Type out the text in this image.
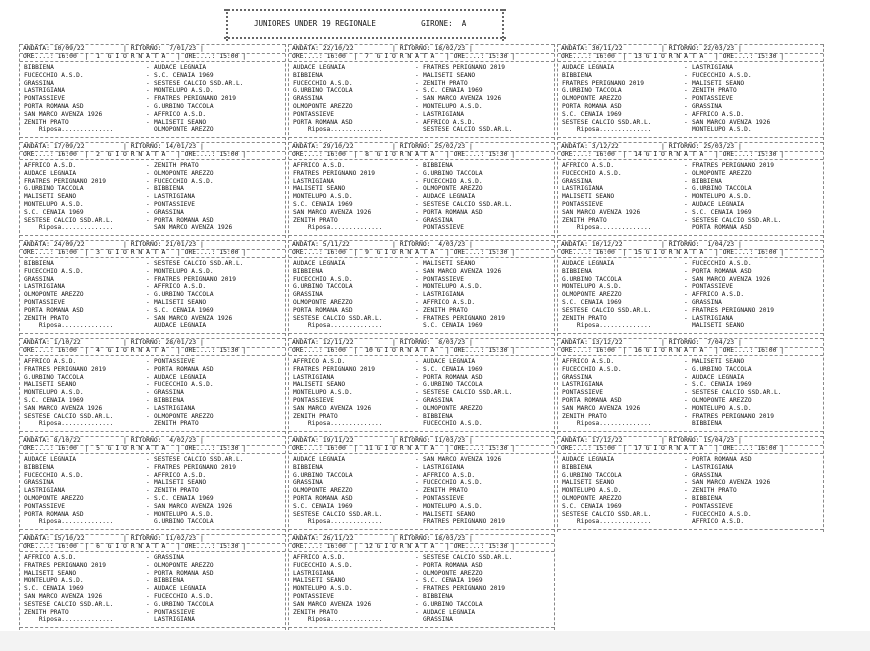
JUNIORES UNDER 19 REGIONALE	GIRONE: A

ANDATA: 10/09/22          | RITORNO:  7/01/23 |
ORE....: 16:00  |  1  G I O R N A T A   | ORE....: 15:00 |
BIBBIENA	- AUDACE LEGNAIA
FUCECCHIO A.S.D.	- S.C. CENAIA 1969
GRASSINA	- SESTESE CALCIO SSD.AR.L.
LASTRIGIANA	- MONTELUPO A.S.D.
PONTASSIEVE	- FRATRES PERIGNANO 2019
PORTA ROMANA ASD	- G.URBINO TACCOLA
SAN MARCO AVENZA 1926	- AFFRICO A.S.D.
ZENITH PRATO	- MALISETI SEANO
Riposa..............	OLMOPONTE AREZZO
ANDATA: 17/09/22          | RITORNO: 14/01/23 |
ORE....: 16:00  |  2  G I O R N A T A   | ORE....: 15:00 |
AFFRICO A.S.D.	- ZENITH PRATO
AUDACE LEGNAIA	- OLMOPONTE AREZZO
FRATRES PERIGNANO 2019	- FUCECCHIO A.S.D.
G.URBINO TACCOLA	- BIBBIENA
MALISETI SEANO	- LASTRIGIANA
MONTELUPO A.S.D.	- PONTASSIEVE
S.C. CENAIA 1969	- GRASSINA
SESTESE CALCIO SSD.AR.L.	- PORTA ROMANA ASD
Riposa..............	SAN MARCO AVENZA 1926
ANDATA: 24/09/22          | RITORNO: 21/01/23 |
ORE....: 16:00  |  3  G I O R N A T A   | ORE....: 15:00 |
BIBBIENA	- SESTESE CALCIO SSD.AR.L.
FUCECCHIO A.S.D.	- MONTELUPO A.S.D.
GRASSINA	- FRATRES PERIGNANO 2019
LASTRIGIANA	- AFFRICO A.S.D.
OLMOPONTE AREZZO	- G.URBINO TACCOLA
PONTASSIEVE	- MALISETI SEANO
PORTA ROMANA ASD	- S.C. CENAIA 1969
ZENITH PRATO	- SAN MARCO AVENZA 1926
Riposa..............	AUDACE LEGNAIA
ANDATA: 1/10/22           | RITORNO: 28/01/23 |
ORE....: 16:00  |  4  G I O R N A T A   | ORE....: 15:30 |
AFFRICO A.S.D.	- PONTASSIEVE
FRATRES PERIGNANO 2019	- PORTA ROMANA ASD
G.URBINO TACCOLA	- AUDACE LEGNAIA
MALISETI SEANO	- FUCECCHIO A.S.D.
MONTELUPO A.S.D.	- GRASSINA
S.C. CENAIA 1969	- BIBBIENA
SAN MARCO AVENZA 1926	- LASTRIGIANA
SESTESE CALCIO SSD.AR.L.	- OLMOPONTE AREZZO
Riposa..............	ZENITH PRATO
ANDATA: 8/10/22           | RITORNO:  4/02/23 |
ORE....: 16:00  |  5  G I O R N A T A   | ORE....: 15:30 |
AUDACE LEGNAIA	- SESTESE CALCIO SSD.AR.L.
BIBBIENA	- FRATRES PERIGNANO 2019
FUCECCHIO A.S.D.	- AFFRICO A.S.D.
GRASSINA	- MALISETI SEANO
LASTRIGIANA	- ZENITH PRATO
OLMOPONTE AREZZO	- S.C. CENAIA 1969
PONTASSIEVE	- SAN MARCO AVENZA 1926
PORTA ROMANA ASD	- MONTELUPO A.S.D.
Riposa..............	G.URBINO TACCOLA
ANDATA: 15/10/22          | RITORNO: 11/02/23 |
ORE....: 16:00  |  6  G I O R N A T A   | ORE....: 15:30 |
AFFRICO A.S.D.	- GRASSINA
FRATRES PERIGNANO 2019	- OLMOPONTE AREZZO
MALISETI SEANO	- PORTA ROMANA ASD
MONTELUPO A.S.D.	- BIBBIENA
S.C. CENAIA 1969	- AUDACE LEGNAIA
SAN MARCO AVENZA 1926	- FUCECCHIO A.S.D.
SESTESE CALCIO SSD.AR.L.	- G.URBINO TACCOLA
ZENITH PRATO	- PONTASSIEVE
Riposa..............	LASTRIGIANA
ANDATA: 22/10/22          | RITORNO: 18/02/23 |
ORE....: 16:00  |  7  G I O R N A T A   | ORE....: 15:30 |
AUDACE LEGNAIA	- FRATRES PERIGNANO 2019
BIBBIENA	- MALISETI SEANO
FUCECCHIO A.S.D.	- ZENITH PRATO
G.URBINO TACCOLA	- S.C. CENAIA 1969
GRASSINA	- SAN MARCO AVENZA 1926
OLMOPONTE AREZZO	- MONTELUPO A.S.D.
PONTASSIEVE	- LASTRIGIANA
PORTA ROMANA ASD	- AFFRICO A.S.D.
Riposa..............	SESTESE CALCIO SSD.AR.L.
ANDATA: 29/10/22          | RITORNO: 25/02/23 |
ORE....: 16:00  |  8  G I O R N A T A   | ORE....: 15:30 |
AFFRICO A.S.D.	- BIBBIENA
FRATRES PERIGNANO 2019	- G.URBINO TACCOLA
LASTRIGIANA	- FUCECCHIO A.S.D.
MALISETI SEANO	- OLMOPONTE AREZZO
MONTELUPO A.S.D.	- AUDACE LEGNAIA
S.C. CENAIA 1969	- SESTESE CALCIO SSD.AR.L.
SAN MARCO AVENZA 1926	- PORTA ROMANA ASD
ZENITH PRATO	- GRASSINA
Riposa..............	PONTASSIEVE
ANDATA: 5/11/22           | RITORNO:  4/03/23 |
ORE....: 16:00  |  9  G I O R N A T A   | ORE....: 15:30 |
AUDACE LEGNAIA	- MALISETI SEANO
BIBBIENA	- SAN MARCO AVENZA 1926
FUCECCHIO A.S.D.	- PONTASSIEVE
G.URBINO TACCOLA	- MONTELUPO A.S.D.
GRASSINA	- LASTRIGIANA
OLMOPONTE AREZZO	- AFFRICO A.S.D.
PORTA ROMANA ASD	- ZENITH PRATO
SESTESE CALCIO SSD.AR.L.	- FRATRES PERIGNANO 2019
Riposa..............	S.C. CENAIA 1969
ANDATA: 12/11/22          | RITORNO:  8/03/23 |
ORE....: 16:00  |  10 G I O R N A T A   | ORE....: 15:30 |
AFFRICO A.S.D.	- AUDACE LEGNAIA
FRATRES PERIGNANO 2019	- S.C. CENAIA 1969
LASTRIGIANA	- PORTA ROMANA ASD
MALISETI SEANO	- G.URBINO TACCOLA
MONTELUPO A.S.D.	- SESTESE CALCIO SSD.AR.L.
PONTASSIEVE	- GRASSINA
SAN MARCO AVENZA 1926	- OLMOPONTE AREZZO
ZENITH PRATO	- BIBBIENA
Riposa..............	FUCECCHIO A.S.D.
ANDATA: 19/11/22          | RITORNO: 11/03/23 |
ORE....: 16:00  |  11 G I O R N A T A   | ORE....: 15:30 |
AUDACE LEGNAIA	- SAN MARCO AVENZA 1926
BIBBIENA	- LASTRIGIANA
G.URBINO TACCOLA	- AFFRICO A.S.D.
GRASSINA	- FUCECCHIO A.S.D.
OLMOPONTE AREZZO	- ZENITH PRATO
PORTA ROMANA ASD	- PONTASSIEVE
S.C. CENAIA 1969	- MONTELUPO A.S.D.
SESTESE CALCIO SSD.AR.L.	- MALISETI SEANO
Riposa..............	FRATRES PERIGNANO 2019
ANDATA: 26/11/22          | RITORNO: 18/03/23 |
ORE....: 16:00  |  12 G I O R N A T A   | ORE....: 15:30 |
AFFRICO A.S.D.	- SESTESE CALCIO SSD.AR.L.
FUCECCHIO A.S.D.	- PORTA ROMANA ASD
LASTRIGIANA	- OLMOPONTE AREZZO
MALISETI SEANO	- S.C. CENAIA 1969
MONTELUPO A.S.D.	- FRATRES PERIGNANO 2019
PONTASSIEVE	- BIBBIENA
SAN MARCO AVENZA 1926	- G.URBINO TACCOLA
ZENITH PRATO	- AUDACE LEGNAIA
Riposa..............	GRASSINA
ANDATA: 30/11/22          | RITORNO: 22/03/23 |
ORE....: 16:00  |  13 G I O R N A T A   | ORE....: 15:30 |
AUDACE LEGNAIA	- LASTRIGIANA
BIBBIENA	- FUCECCHIO A.S.D.
FRATRES PERIGNANO 2019	- MALISETI SEANO
G.URBINO TACCOLA	- ZENITH PRATO
OLMOPONTE AREZZO	- PONTASSIEVE
PORTA ROMANA ASD	- GRASSINA
S.C. CENAIA 1969	- AFFRICO A.S.D.
SESTESE CALCIO SSD.AR.L.	- SAN MARCO AVENZA 1926
Riposa..............	MONTELUPO A.S.D.
ANDATA: 3/12/22           | RITORNO: 25/03/23 |
ORE....: 16:00  |  14 G I O R N A T A   | ORE....: 15:30 |
AFFRICO A.S.D.	- FRATRES PERIGNANO 2019
FUCECCHIO A.S.D.	- OLMOPONTE AREZZO
GRASSINA	- BIBBIENA
LASTRIGIANA	- G.URBINO TACCOLA
MALISETI SEANO	- MONTELUPO A.S.D.
PONTASSIEVE	- AUDACE LEGNAIA
SAN MARCO AVENZA 1926	- S.C. CENAIA 1969
ZENITH PRATO	- SESTESE CALCIO SSD.AR.L.
Riposa..............	PORTA ROMANA ASD
ANDATA: 10/12/22          | RITORNO:  1/04/23 |
ORE....: 16:00  |  15 G I O R N A T A   | ORE....: 16:00 |
AUDACE LEGNAIA	- FUCECCHIO A.S.D.
BIBBIENA	- PORTA ROMANA ASD
G.URBINO TACCOLA	- SAN MARCO AVENZA 1926
MONTELUPO A.S.D.	- PONTASSIEVE
OLMOPONTE AREZZO	- AFFRICO A.S.D.
S.C. CENAIA 1969	- GRASSINA
SESTESE CALCIO SSD.AR.L.	- FRATRES PERIGNANO 2019
ZENITH PRATO	- LASTRIGIANA
Riposa..............	MALISETI SEANO
ANDATA: 13/12/22          | RITORNO:  7/04/23 |
ORE....: 16:00  |  16 G I O R N A T A   | ORE....: 16:00 |
AFFRICO A.S.D.	- MALISETI SEANO
FUCECCHIO A.S.D.	- G.URBINO TACCOLA
GRASSINA	- AUDACE LEGNAIA
LASTRIGIANA	- S.C. CENAIA 1969
PONTASSIEVE	- SESTESE CALCIO SSD.AR.L.
PORTA ROMANA ASD	- OLMOPONTE AREZZO
SAN MARCO AVENZA 1926	- MONTELUPO A.S.D.
ZENITH PRATO	- FRATRES PERIGNANO 2019
Riposa..............	BIBBIENA
ANDATA: 17/12/22          | RITORNO: 15/04/23 |
ORE....: 15:00  |  17 G I O R N A T A   | ORE....: 16:00 |
AUDACE LEGNAIA	- PORTA ROMANA ASD
BIBBIENA	- LASTRIGIANA
G.URBINO TACCOLA	- GRASSINA
MALISETI SEANO	- SAN MARCO AVENZA 1926
MONTELUPO A.S.D.	- ZENITH PRATO
OLMOPONTE AREZZO	- BIBBIENA
S.C. CENAIA 1969	- PONTASSIEVE
SESTESE CALCIO SSD.AR.L.	- FUCECCHIO A.S.D.
Riposa..............	AFFRICO A.S.D.
